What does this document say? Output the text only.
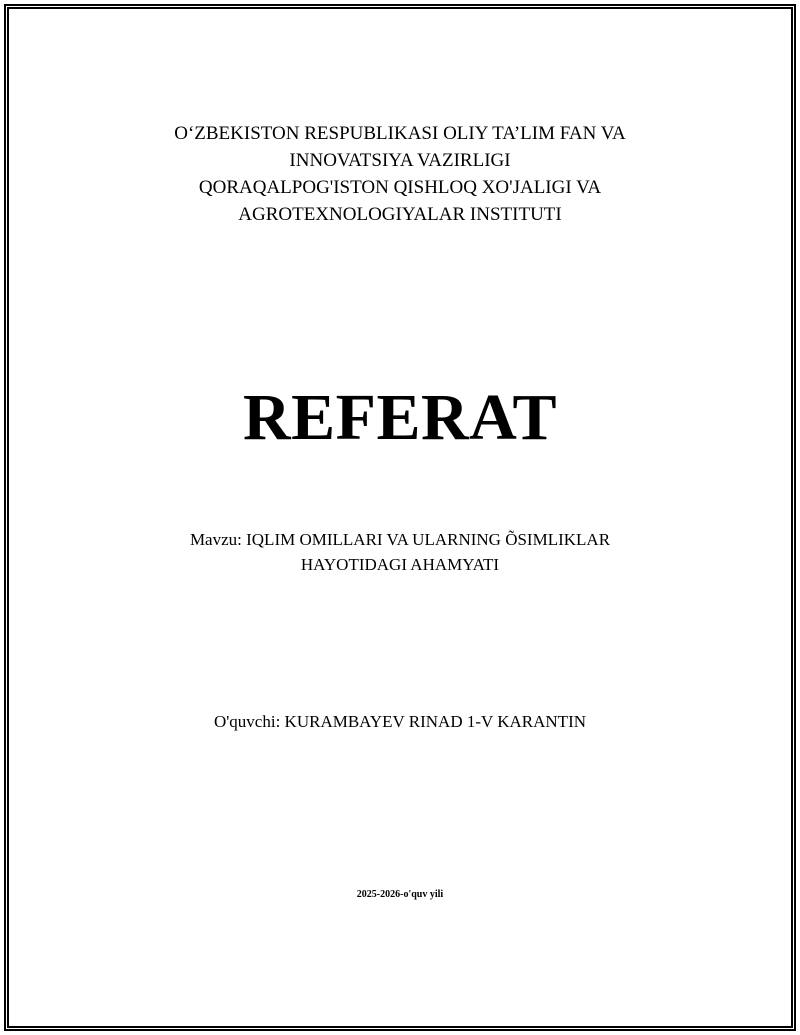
O‘ZBEKISTON RESPUBLIKASI OLIY TA’LIM FAN VA
INNOVATSIYA VAZIRLIGI
QORAQALPOG'ISTON QISHLOQ XO'JALIGI VA
AGROTEXNOLOGIYALAR INSTITUTI
REFERAT
Mavzu: IQLIM OMILLARI VA ULARNING ÕSIMLIKLAR
HAYOTIDAGI AHAMYATI
O'quvchi: KURAMBAYEV RINAD 1-V KARANTIN
2025-2026-o'quv yili
